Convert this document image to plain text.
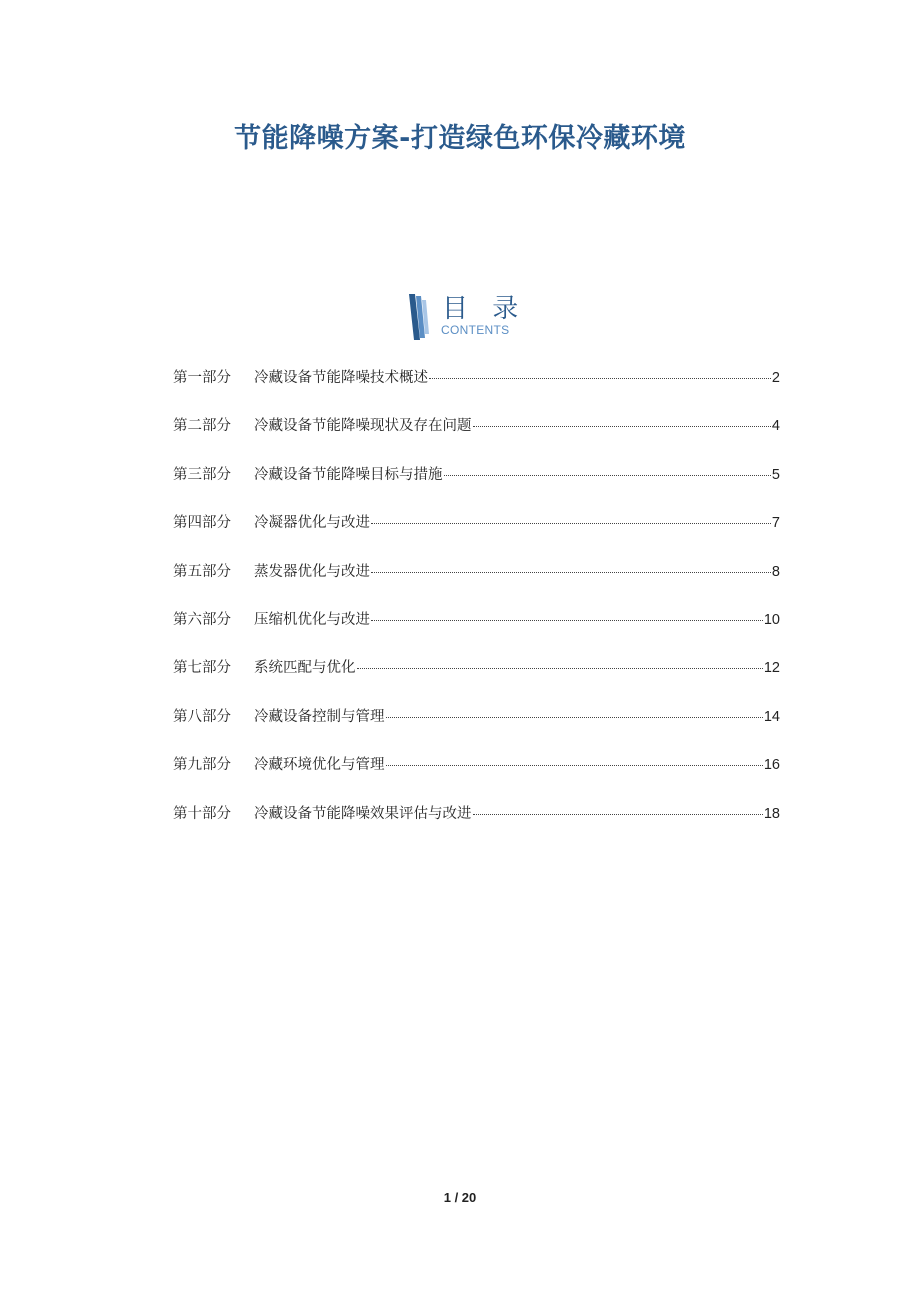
节能降噪方案-打造绿色环保冷藏环境
目 录
CONTENTS
第一部分	冷藏设备节能降噪技术概述	2
第二部分	冷藏设备节能降噪现状及存在问题	4
第三部分	冷藏设备节能降噪目标与措施	5
第四部分	冷凝器优化与改进	7
第五部分	蒸发器优化与改进	8
第六部分	压缩机优化与改进	10
第七部分	系统匹配与优化	12
第八部分	冷藏设备控制与管理	14
第九部分	冷藏环境优化与管理	16
第十部分	冷藏设备节能降噪效果评估与改进	18
1 / 20
